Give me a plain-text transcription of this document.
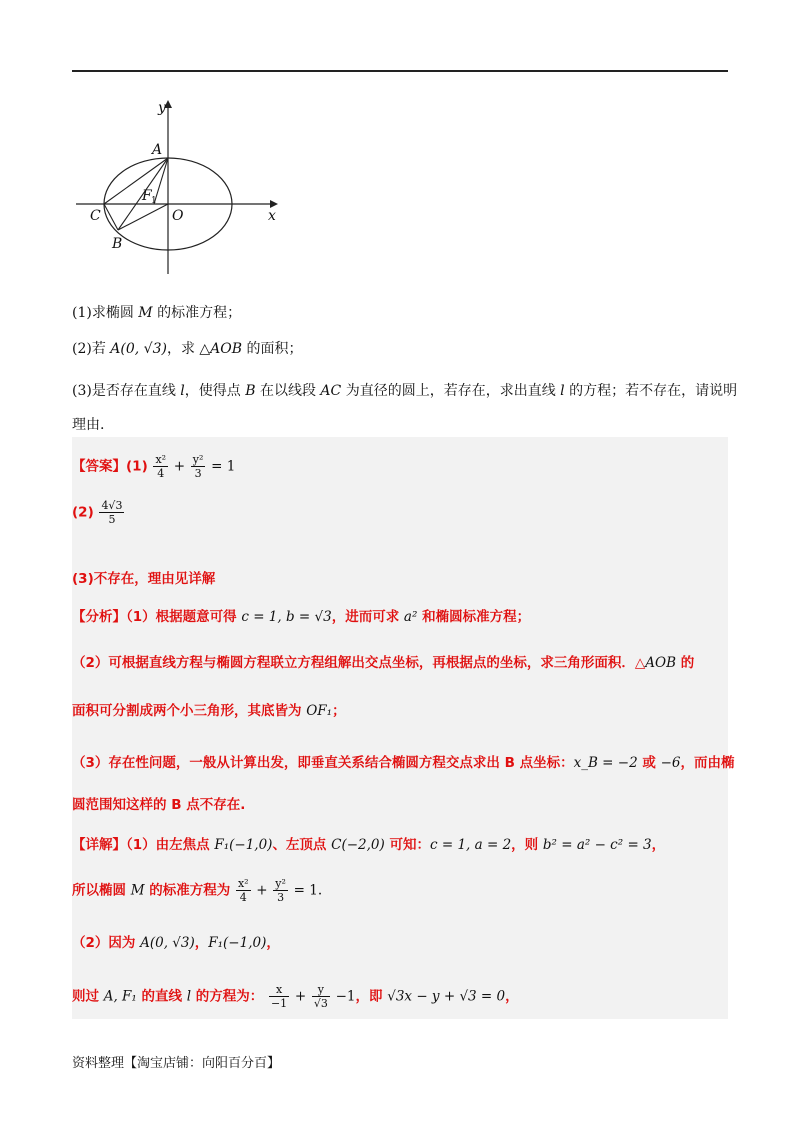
y
x
A
F 1
C	O
B
(1)求椭圆 M 的标准方程；
(2)若 A(0, √3)，求 △AOB 的面积；
(3)是否存在直线 l，使得点 B 在以线段 AC 为直径的圆上，若存在，求出直线 l 的方程；若不存在，请说明
理由.
【答案】$(1) \frac{\text{x²}}{4} + \frac{\text{y²}}{3} = 1$
$(2) \frac{4√3}{5}$
(3)不存在，理由见详解
【分析】（1）根据题意可得 c = 1, b = √3，进而可求 a² 和椭圆标准方程；
（2）可根据直线方程与椭圆方程联立方程组解出交点坐标，再根据点的坐标，求三角形面积．△AOB 的
面积可分割成两个小三角形，其底皆为 OF₁；
（3）存在性问题，一般从计算出发，即垂直关系结合椭圆方程交点求出 B 点坐标：x_B = −2 或 −6，而由椭
圆范围知这样的 B 点不存在.
【详解】（1）由左焦点 F₁(−1,0)、左顶点 C(−2,0) 可知：c = 1, a = 2，则 b² = a² − c² = 3，
所以椭圆 M 的标准方程为 $\frac{\text{x²}}{4} + \frac{\text{y²}}{3} = 1$.
（2）因为 A(0, √3)，F₁(−1,0)，
则过 A, F₁ 的直线 l 的方程为： $\frac{x}{-1} + \frac{y}{√3} -1$，即 √3x − y + √3 = 0，
资料整理【淘宝店铺：向阳百分百】
